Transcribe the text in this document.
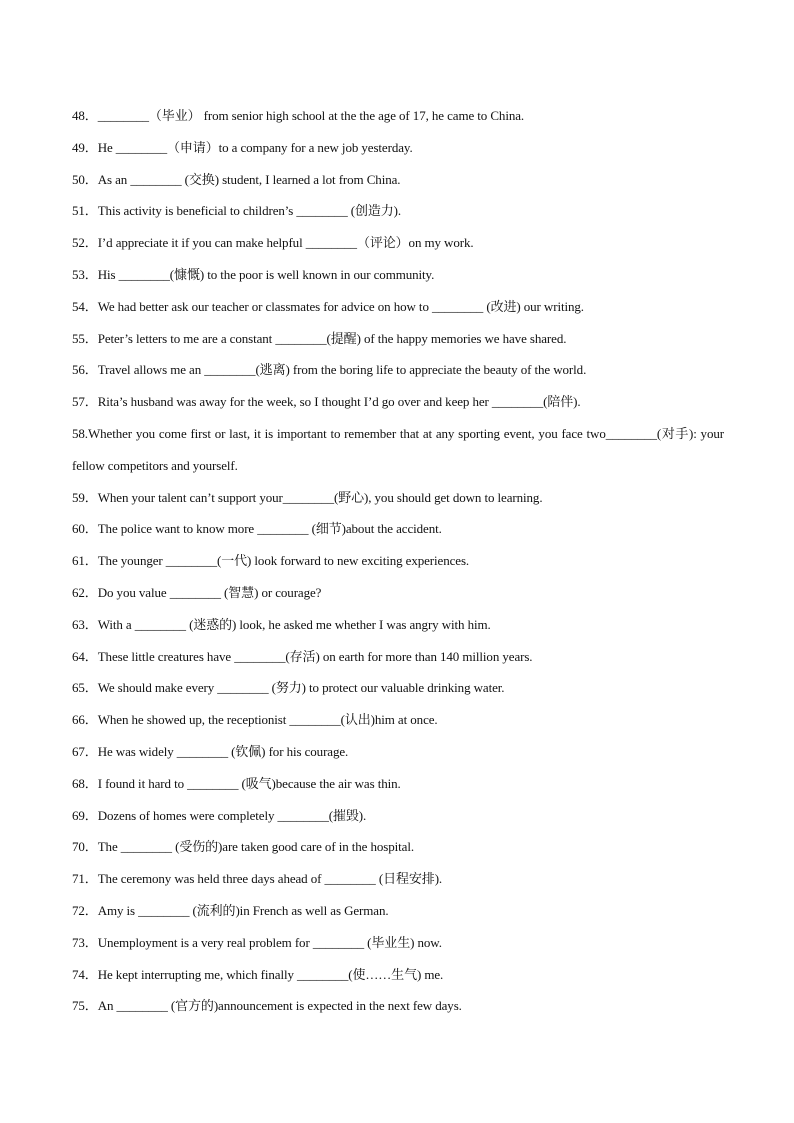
48．________（毕业） from senior high school at the the age of 17, he came to China.
49．He ________（申请）to a company for a new job yesterday.
50．As an ________ (交换) student, I learned a lot from China.
51．This activity is beneficial to children’s ________ (创造力).
52．I’d appreciate it if you can make helpful ________（评论）on my work.
53．His ________(慷慨) to the poor is well known in our community.
54．We had better ask our teacher or classmates for advice on how to ________ (改进) our writing.
55．Peter’s letters to me are a constant ________(提醒) of the happy memories we have shared.
56．Travel allows me an ________(逃离) from the boring life to appreciate the beauty of the world.
57．Rita’s husband was away for the week, so I thought I’d go over and keep her ________(陪伴).
58.Whether you come first or last, it is important to remember that at any sporting event, you face two________(对手): your fellow competitors and yourself.
59．When your talent can’t support your________(野心), you should get down to learning.
60．The police want to know more ________ (细节)about the accident.
61．The younger ________(一代) look forward to new exciting experiences.
62．Do you value ________ (智慧) or courage?
63．With a ________ (迷惑的) look, he asked me whether I was angry with him.
64．These little creatures have ________(存活) on earth for more than 140 million years.
65．We should make every ________ (努力) to protect our valuable drinking water.
66．When he showed up, the receptionist ________(认出)him at once.
67．He was widely ________ (钦佩) for his courage.
68．I found it hard to ________ (吸气)because the air was thin.
69．Dozens of homes were completely ________(摧毁).
70．The ________ (受伤的)are taken good care of in the hospital.
71．The ceremony was held three days ahead of ________ (日程安排).
72．Amy is ________ (流利的)in French as well as German.
73．Unemployment is a very real problem for ________ (毕业生) now.
74．He kept interrupting me, which finally ________(使……生气) me.
75．An ________ (官方的)announcement is expected in the next few days.
